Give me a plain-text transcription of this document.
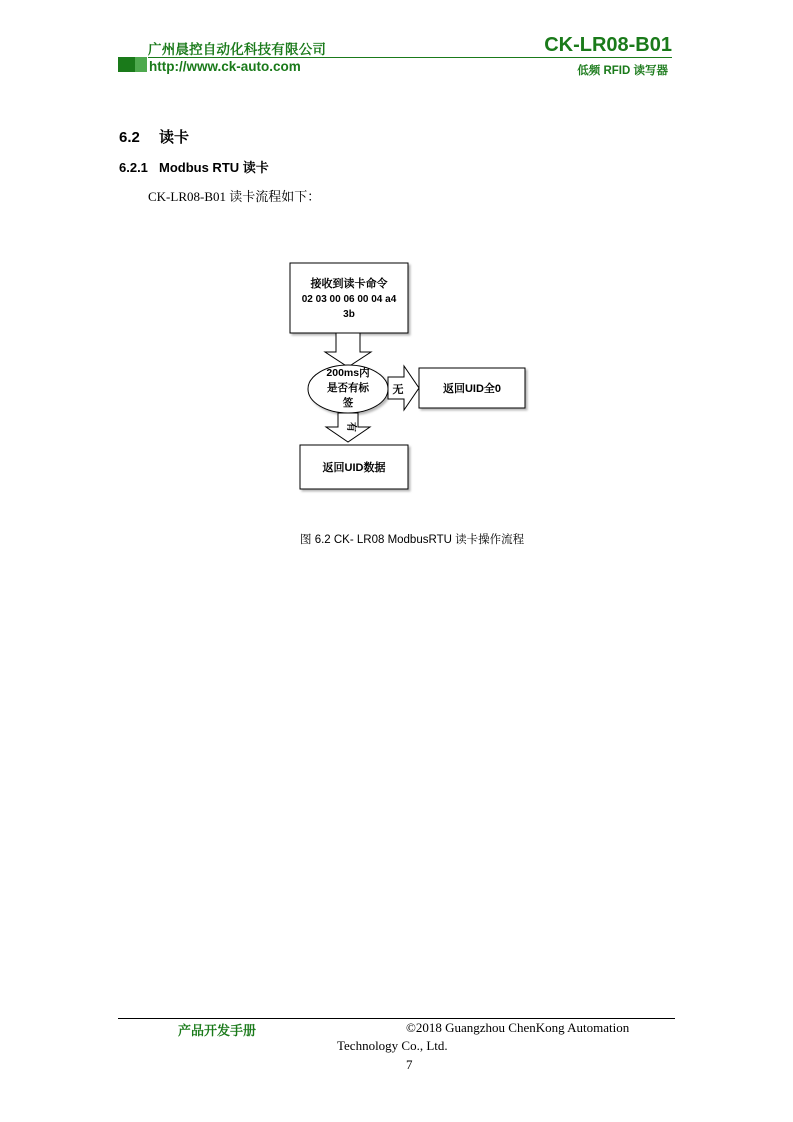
广州晨控自动化科技有限公司	CK-LR08-B01
http://www.ck-auto.com	低频 RFID 读写器
6.2 读卡
6.2.1 Modbus RTU 读卡
CK-LR08-B01 读卡流程如下：
接收到读卡命令
02 03 00 06 00 04 a4
3b
200ms内
是否有标
签
无	返回UID全0
有
返回UID数据
图 6.2 CK- LR08 ModbusRTU 读卡操作流程
产品开发手册	©2018 Guangzhou ChenKong Automation
Technology Co., Ltd.
7
